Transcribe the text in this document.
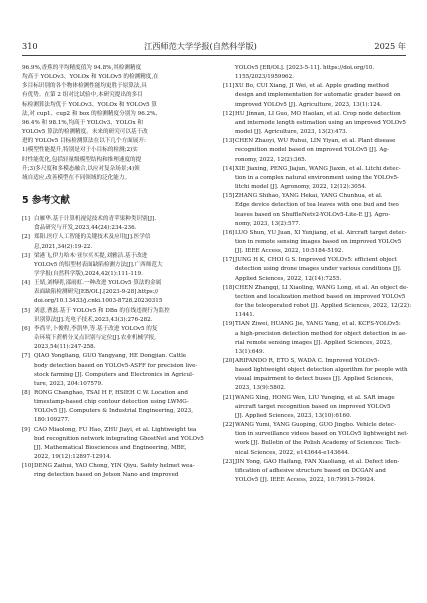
310	江西师范大学学报(自然科学版)	2025 年
96.9%,香蕉的平均精度值为 94.8%,其检测精度
均高于 YOLOv3、YOLOx 和 YOLOv5 的检测精度,在
多目标识别的各个物体检测性能均更胜于原算法,具
有优势。在第 2 组对比试验中,本研究提出的多目
标检测算法均优于 YOLOv3、YOLOx 和 YOLOv5 算
法,对 cup1、cup2 和 box 的检测精度分别为 96.2%、
96.4% 和 98.1%,均高于 YOLOv3、YOLOx 和
YOLOv5 算法的检测精度。未来的研究可以基于改
进的 YOLOv5 目标检测算法在以下几个方面展开:
1)模型性能提升,特别是对于小目标的检测;2)实
时性能优化,包括轻量级模型结构和推理速度的提
升;3)多尺度和多模态融合,以应对复杂场景;4)领
域自适应,改善模型在不同领域的泛化能力。
5 参考文献
[1] 白雁华.基于计算机视觉技术的青苹果种类识别[J].
食品研究与开发,2023,44(24):234-236.
[2] 郑阳.医疗人工智能的关键技术及应用[J].医学信
息,2021,34(2):19-22.
[3] 梁港飞,伊力哈木·亚尔买买提,刘雅洁.基于改进
YOLOv5 的铝型材表面缺陷检测方法[J].广西师范大
学学报(自然科学版),2024,42(1):111-119.
[4] 王婧,刘梅明,邵雨虹.一种改进 YOLOv5 算法的金属
表面缺陷检测研究[EB/OL].[2023-9-28].https://
doi.org/10.13433/j.cnki.1003-8728.20230315
[5] 刘意,曹磊.基于 YOLOv5 和 DBn 的在线违规行为监控
识别算法[J].光电子技术,2023,43(3):276-282.
[6] 李尚平,卜俊程,李凯华,等.基于改进 YOLOv5 的复
杂环境下蔗梢分叉点识别与定位[J].农业机械学报,
2023,54(11):247-258.
[7] QIAO Yongliang, GUO Yangyang, HE Dongjian. Cattle
body detection based on YOLOv5-ASFF for precision live-
stock farming [J]. Computers and Electronics in Agricul-
ture, 2023, 204:107579.
[8] RONG Changhao, TSAI H F, HSIEH C W. Location and
timestamp-based chip contour detection using LWMG-
YOLOv5 [J]. Computers & Industrial Engineering, 2023,
180:109277.
[9] CAO Miaolong, FU Hao, ZHU Jiayi, et al. Lightweight tea
bud recognition network integrating GhostNet and YOLOv5
[J]. Mathematical Biosciences and Engineering, MBE,
2022, 19(12):12897-12914.
[10] DENG Zaihui, YAO Chong, YIN Qiyu. Safety helmet wea-
ring detection based on Jetson Nano and improved
YOLOv5 [EB/OL]. [2023-5-11]. https://doi.org/10.
1155/2023/1959962.
[11] XU Bo, CUI Xiang, JI Wei, et al. Apple grading method
design and implementation for automatic grader based on
improved YOLOv5 [J]. Agriculture, 2023, 13(1):124.
[12] HU Jinnan, LI Guo, MO Haolan, et al. Crop node detection
and internode length estimation using an improved YOLOv5
model [J]. Agriculture, 2023, 13(2):473.
[13] CHEN Zhaoyi, WU Ruhui, LIN Yiyan, et al. Plant disease
recognition model based on improved YOLOv5 [J]. Ag-
ronomy, 2022, 12(2):365.
[14] XIE Jiaxing, PENG Jiajun, WANG Jiaxin, et al. Litchi detec-
tion in a complex natural environment using the YOLOv5-
litchi model [J]. Agronomy, 2022, 12(12):3054.
[15] ZHANG Shihao, YANG Hekai, YANG Chunhua, et al.
Edge device detection of tea leaves with one bud and two
leaves based on ShuffleNetv2-YOLOv5-Lite-E [J]. Agro-
nomy, 2023, 13(2):577.
[16] LUO Shun, YU Juan, XI Yunjiang, et al. Aircraft target detec-
tion in remote sensing images based on improved YOLOv5
[J]. IEEE Access, 2022, 10:5184-5192.
[17] JUNG H K, CHOI G S. Improved YOLOv5: efficient object
detection using drone images under various conditions [J].
Applied Sciences, 2022, 12(14):7255.
[18] CHEN Zhangqi, LI Xiaoling, WANG Long, et al. An object de-
tection and localization method based on improved YOLOv5
for the teleoperated robot [J]. Applied Sciences, 2022, 12(22):
11441.
[19] TIAN Ziwei, HUANG Jie, YANG Yang, et al. KCFS-YOLOv5:
a high-precision detection method for object detection in ae-
rial remote sensing images [J]. Applied Sciences, 2023,
13(1):649.
[20] ARIFANDO R, ETO S, WADA C. Improved YOLOv5-
based lightweight object detection algorithm for people with
visual impairment to detect buses [J]. Applied Sciences,
2023, 13(9):5802.
[21] WANG Xing, HONG Wen, LIU Yunqing, et al. SAR image
aircraft target recognition based on improved YOLOv5
[J]. Applied Sciences, 2023, 13(10):6160.
[22] WANG Yumi, YANG Guoping, GUO Jingbo. Vehicle detec-
tion in surveillance videos based on YOLOv5 lightweight net-
work [J]. Bulletin of the Polish Academy of Sciences: Tech-
nical Sciences, 2022, e143644-e143644.
[23] JIN Yong, GAO Haifang, FAN Xiaoliang, et al. Defect iden-
tification of adhesive structure based on DCGAN and
YOLOv5 [J]. IEEE Access, 2022, 10:79913-79924.
